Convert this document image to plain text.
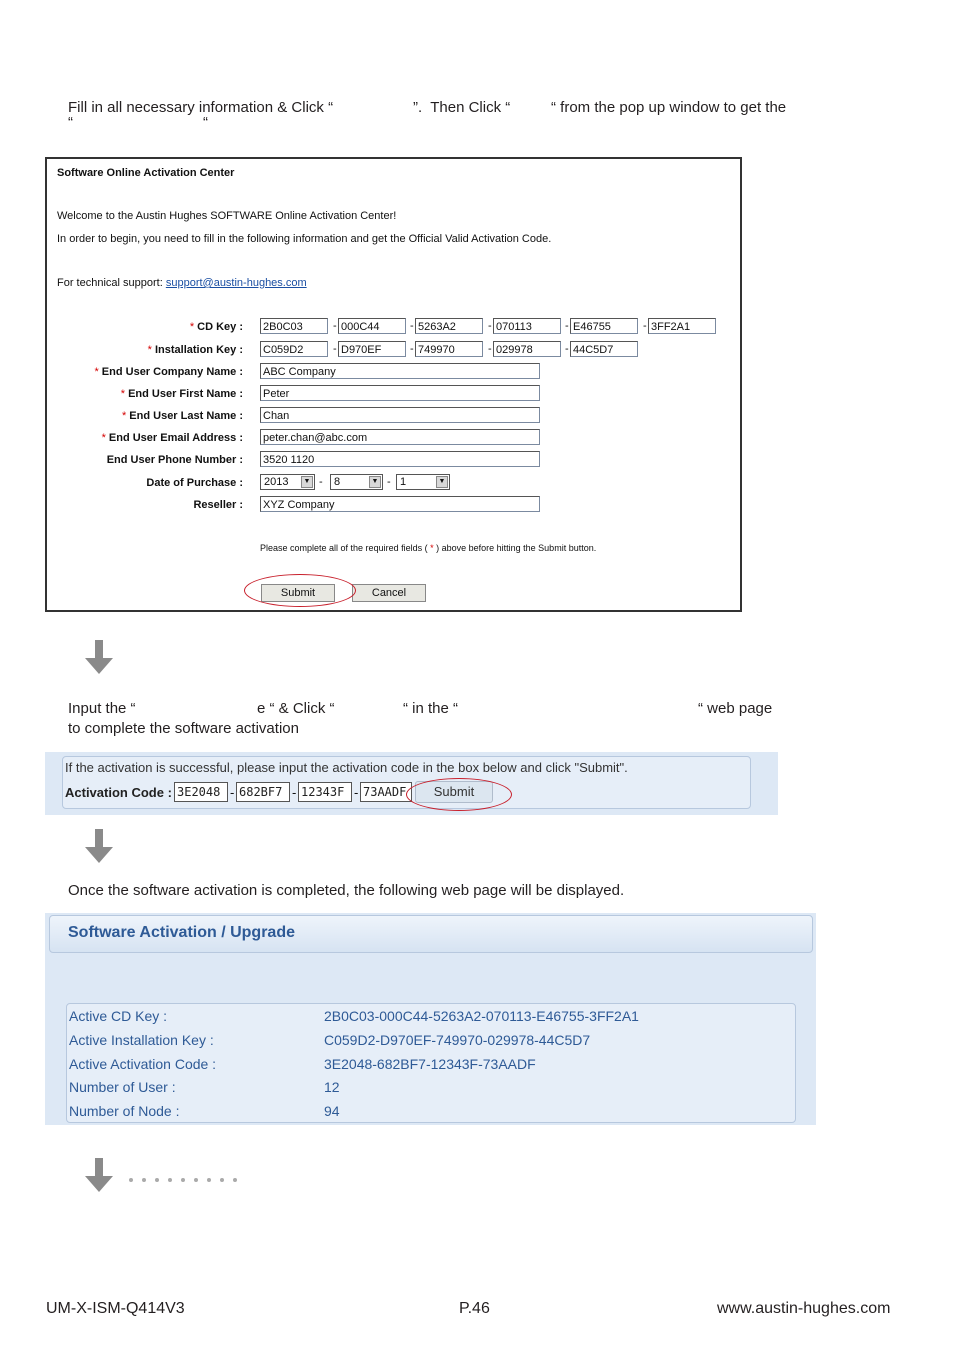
Fill in all necessary information & Click “	”.  Then Click “	“ from the pop up window to get the
“	“
Software Online Activation Center
Welcome to the Austin Hughes SOFTWARE Online Activation Center!
In order to begin, you need to fill in the following information and get the Official Valid Activation Code.
For technical support: support@austin-hughes.com
* CD Key : 2B0C03	- 000C44	- 5263A2	- 070113	- E46755	- 3FF2A1
* Installation Key : C059D2	- D970EF	- 749970	- 029978	- 44C5D7
* End User Company Name : ABC Company
* End User First Name : Peter
* End User Last Name : Chan
* End User Email Address : peter.chan@abc.com
End User Phone Number : 3520 1120
Date of Purchase :	2013	▼ -	8	▼ - 1	▼
Reseller : XYZ Company
Please complete all of the required fields ( * ) above before hitting the Submit button.
Submit	Cancel
Input the “	e “ & Click “	“ in the “	“ web page
to complete the software activation
If the activation is successful, please input the activation code in the box below and click "Submit".
Activation Code : 3E2048 - 682BF7 - 12343F - 73AADF	Submit
Once the software activation is completed, the following web page will be displayed.
Software Activation / Upgrade
Active CD Key :	2B0C03-000C44-5263A2-070113-E46755-3FF2A1
Active Installation Key :	C059D2-D970EF-749970-029978-44C5D7
Active Activation Code :	3E2048-682BF7-12343F-73AADF
Number of User :	12
Number of Node :	94
UM-X-ISM-Q414V3	P.46	www.austin-hughes.com
